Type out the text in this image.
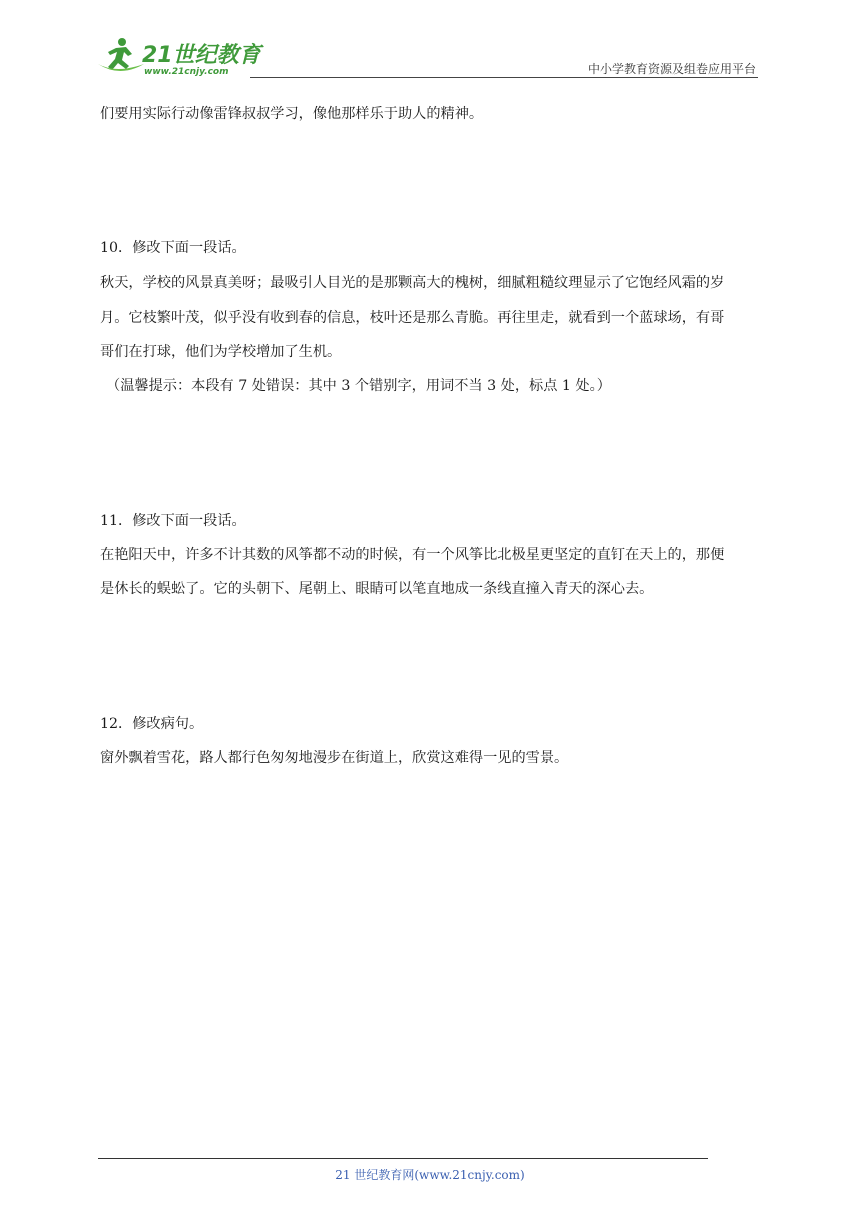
21世纪教育
www.21cnjy.com	中小学教育资源及组卷应用平台
们要用实际行动像雷锋叔叔学习，像他那样乐于助人的精神。
10．修改下面一段话。
秋天，学校的风景真美呀；最吸引人目光的是那颗高大的槐树，细腻粗糙纹理显示了它饱经风霜的岁
月。它枝繁叶茂，似乎没有收到春的信息，枝叶还是那么青脆。再往里走，就看到一个蓝球场，有哥
哥们在打球，他们为学校增加了生机。
（温馨提示：本段有 7 处错误：其中 3 个错别字，用词不当 3 处，标点 1 处。）
11．修改下面一段话。
在艳阳天中，许多不计其数的风筝都不动的时候，有一个风筝比北极星更坚定的直钉在天上的，那便
是休长的蜈蚣了。它的头朝下、尾朝上、眼睛可以笔直地成一条线直撞入青天的深心去。
12．修改病句。
窗外飘着雪花，路人都行色匆匆地漫步在街道上，欣赏这难得一见的雪景。
21 世纪教育网(www.21cnjy.com)
